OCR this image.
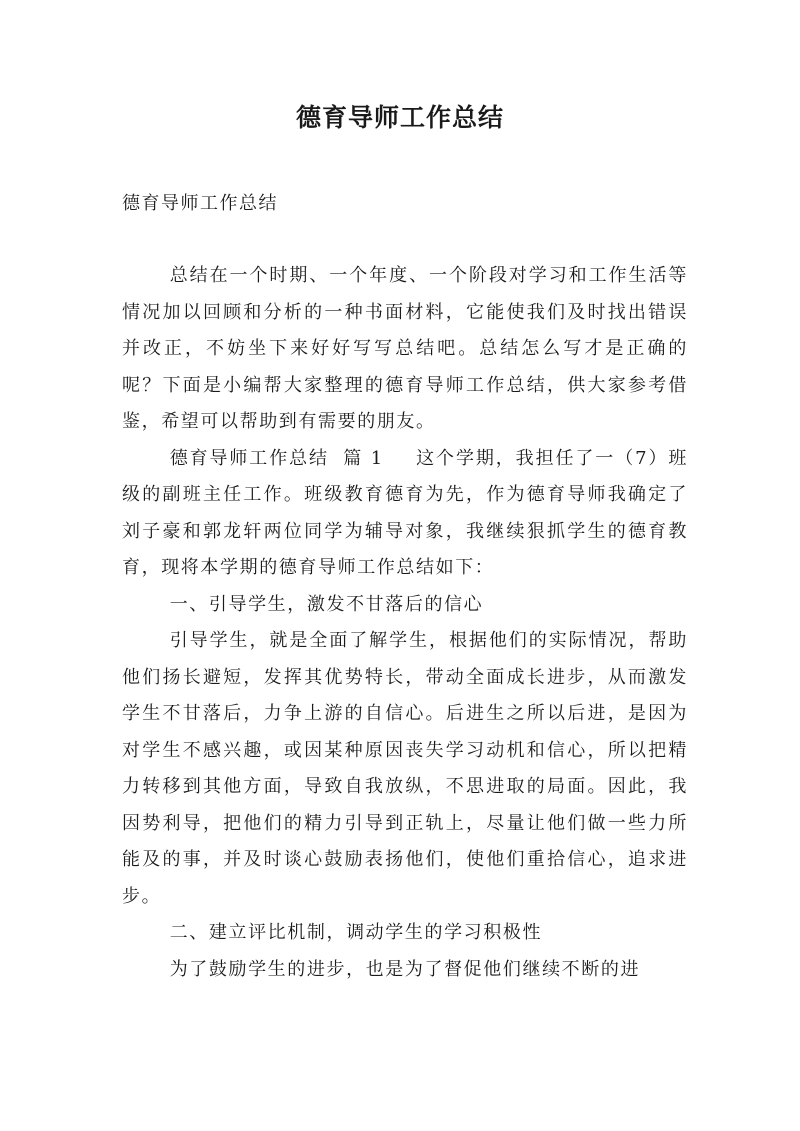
德育导师工作总结
德育导师工作总结

总结在一个时期、一个年度、一个阶段对学习和工作生活等情况加以回顾和分析的一种书面材料，它能使我们及时找出错误并改正，不妨坐下来好好写写总结吧。总结怎么写才是正确的呢？下面是小编帮大家整理的德育导师工作总结，供大家参考借鉴，希望可以帮助到有需要的朋友。

德育导师工作总结 篇 1 这个学期，我担任了一（7）班级的副班主任工作。班级教育德育为先，作为德育导师我确定了刘子豪和郭龙轩两位同学为辅导对象，我继续狠抓学生的德育教育，现将本学期的德育导师工作总结如下：

一、引导学生，激发不甘落后的信心

引导学生，就是全面了解学生，根据他们的实际情况，帮助他们扬长避短，发挥其优势特长，带动全面成长进步，从而激发学生不甘落后，力争上游的自信心。后进生之所以后进，是因为对学生不感兴趣，或因某种原因丧失学习动机和信心，所以把精力转移到其他方面，导致自我放纵，不思进取的局面。因此，我因势利导，把他们的精力引导到正轨上，尽量让他们做一些力所能及的事，并及时谈心鼓励表扬他们，使他们重拾信心，追求进步。

二、建立评比机制，调动学生的学习积极性

为了鼓励学生的进步，也是为了督促他们继续不断的进
